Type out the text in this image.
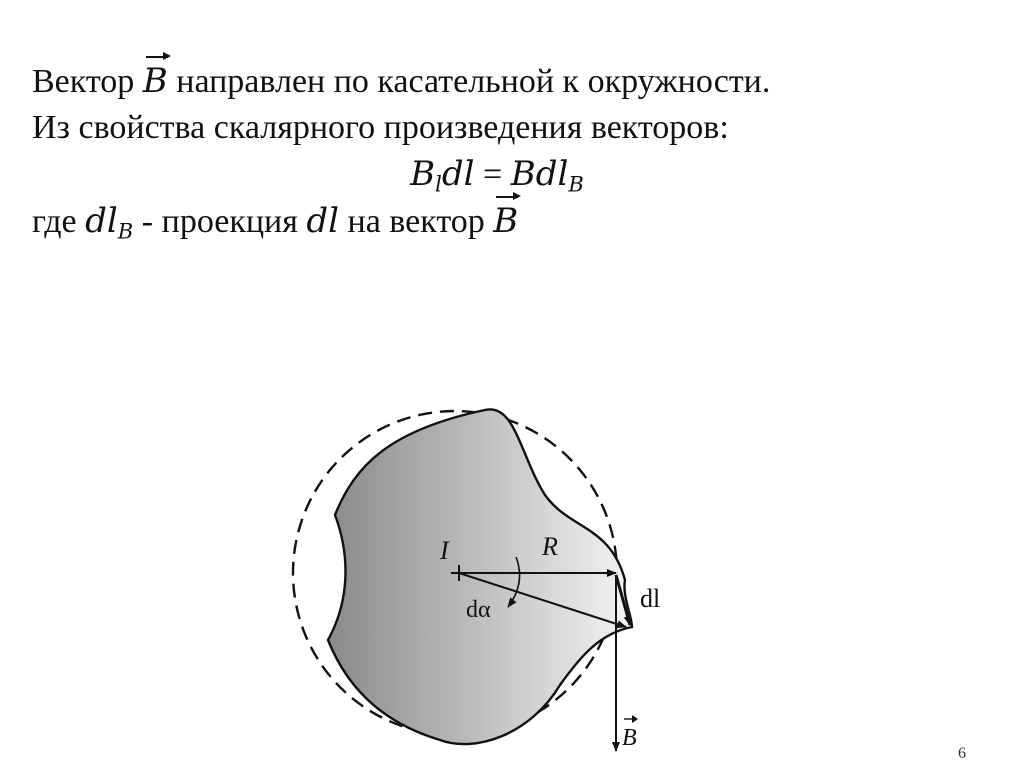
Вектор B направлен по касательной к окружности.
Из свойства скалярного произведения векторов:
$B_ldl = Bdl_B$
где $dl_B$ - проекция dl на вектор B
I	R
dα	dl
B
6
